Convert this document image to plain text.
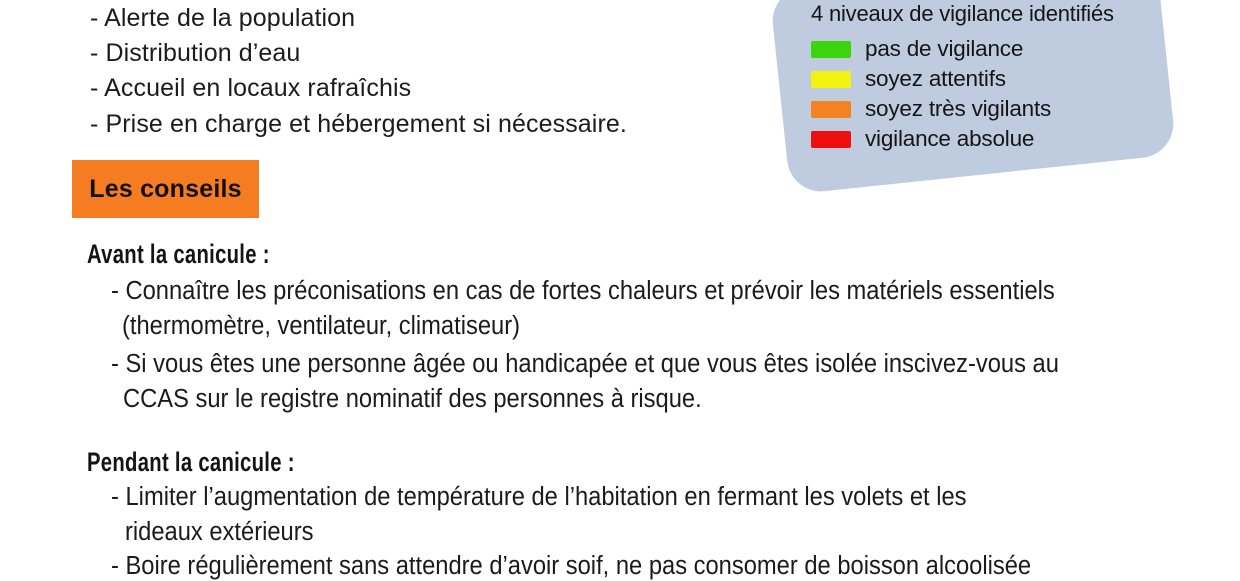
- Alerte de la population
- Distribution d’eau
- Accueil en locaux rafraîchis
- Prise en charge et hébergement si nécessaire.
4 niveaux de vigilance identifiés
pas de vigilance
soyez attentifs
soyez très vigilants
vigilance absolue
Les conseils
Avant la canicule :
- Connaître les préconisations en cas de fortes chaleurs et prévoir les matériels essentiels
(thermomètre, ventilateur, climatiseur)
- Si vous êtes une personne âgée ou handicapée et que vous êtes isolée inscivez-vous au
CCAS sur le registre nominatif des personnes à risque.
Pendant la canicule :
- Limiter l’augmentation de température de l’habitation en fermant les volets et les
rideaux extérieurs
- Boire régulièrement sans attendre d’avoir soif, ne pas consomer de boisson alcoolisée
